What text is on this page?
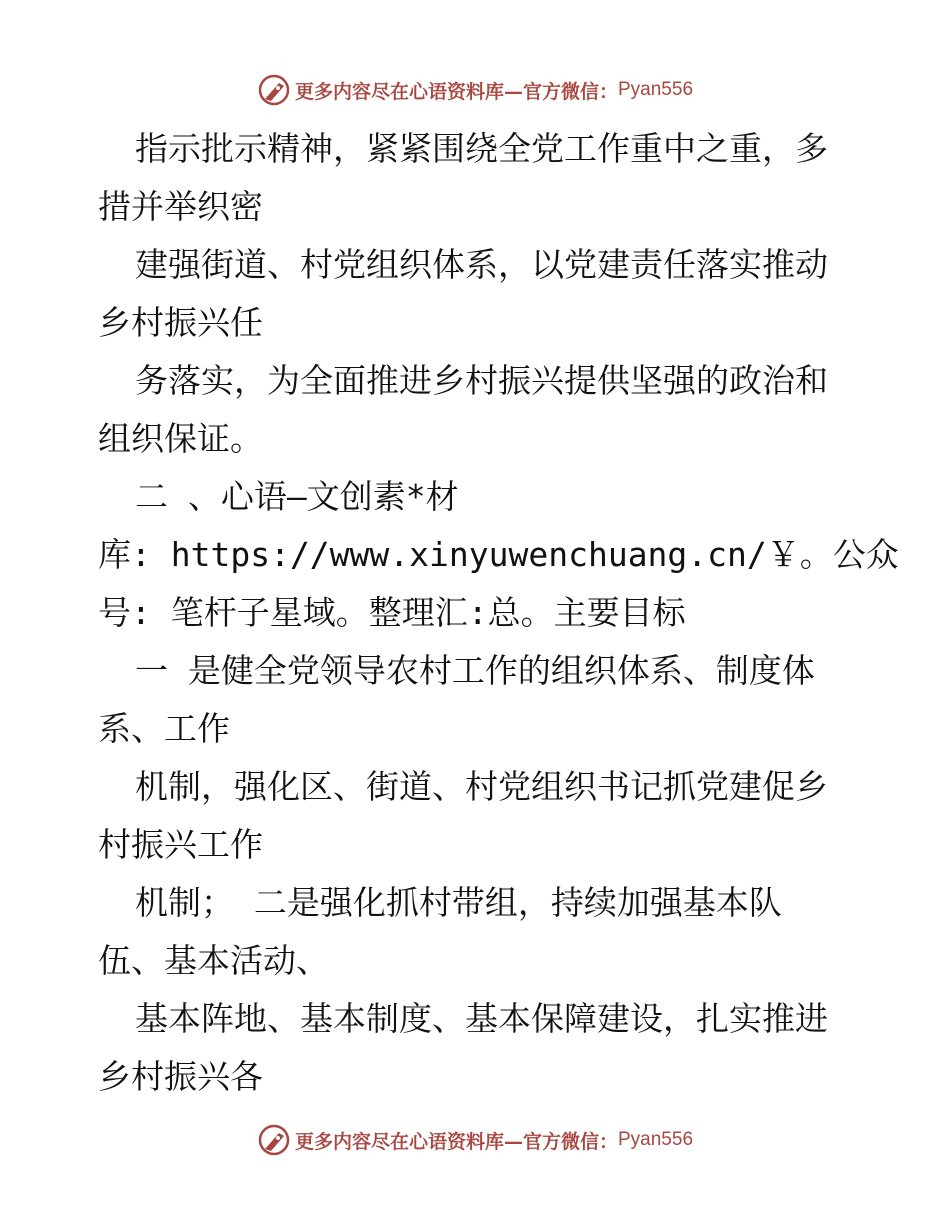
更多内容尽在心语资料库—官方微信： Pyan556
指示批示精神，紧紧围绕全党工作重中之重，多
措并举织密
建强街道、村党组织体系，以党建责任落实推动
乡村振兴任
务落实，为全面推进乡村振兴提供坚强的政治和
组织保证。
二 、心语—文创素*材
库: https://www.xinyuwenchuang.cn/￥。公众
号: 笔杆子星域。整理汇:总。主要目标
一 是健全党领导农村工作的组织体系、制度体
系、工作
机制，强化区、街道、村党组织书记抓党建促乡
村振兴工作
机制； 二是强化抓村带组，持续加强基本队
伍、基本活动、
基本阵地、基本制度、基本保障建设，扎实推进
乡村振兴各
更多内容尽在心语资料库—官方微信： Pyan556
